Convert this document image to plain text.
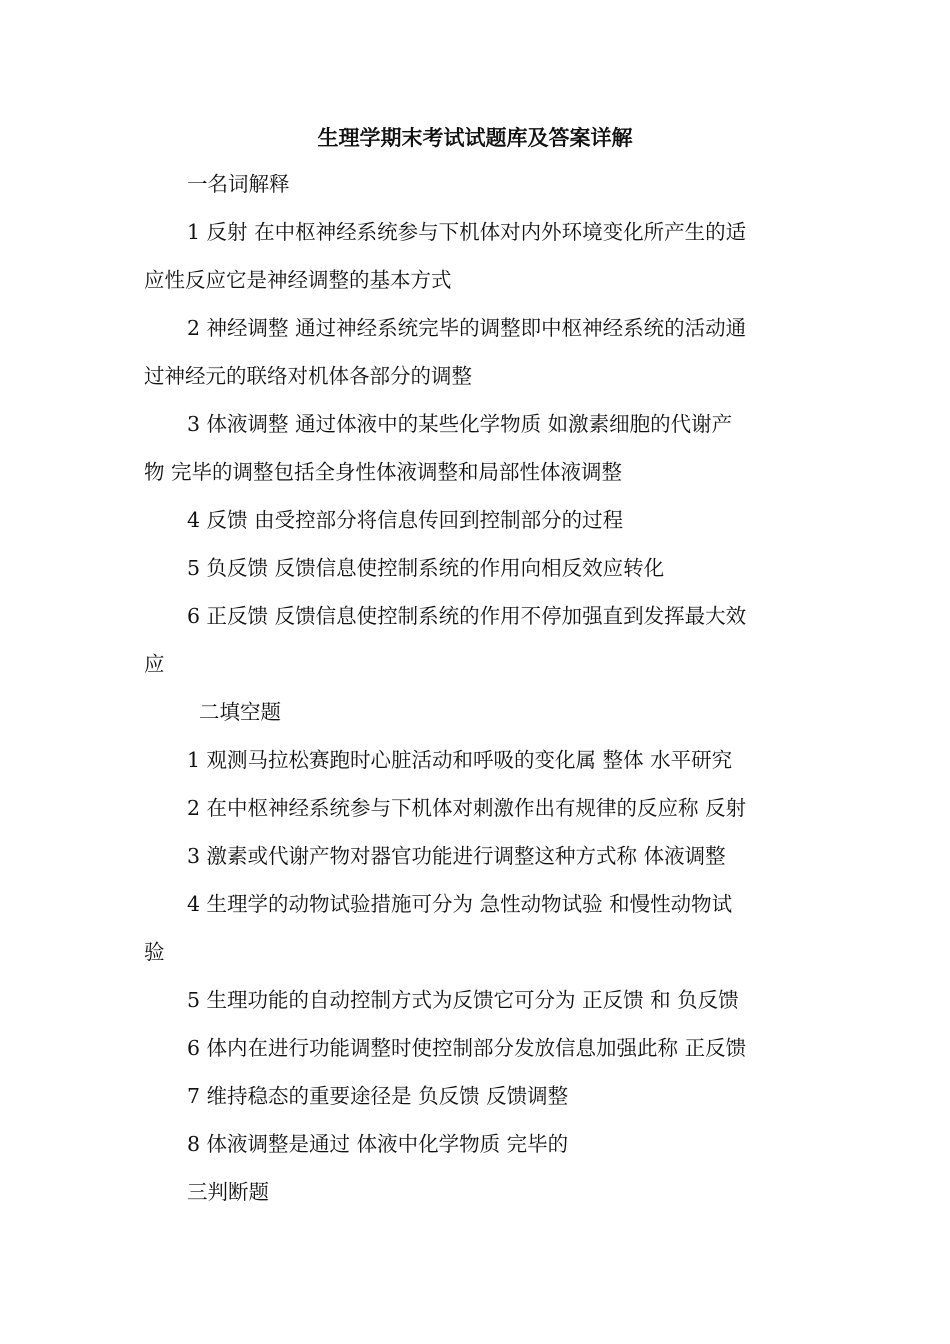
生理学期末考试试题库及答案详解
一名词解释
1 反射 在中枢神经系统参与下机体对内外环境变化所产生的适
应性反应它是神经调整的基本方式
2 神经调整 通过神经系统完毕的调整即中枢神经系统的活动通
过神经元的联络对机体各部分的调整
3 体液调整 通过体液中的某些化学物质 如激素细胞的代谢产
物 完毕的调整包括全身性体液调整和局部性体液调整
4 反馈 由受控部分将信息传回到控制部分的过程
5 负反馈 反馈信息使控制系统的作用向相反效应转化
6 正反馈 反馈信息使控制系统的作用不停加强直到发挥最大效
应
二填空题
1 观测马拉松赛跑时心脏活动和呼吸的变化属 整体 水平研究
2 在中枢神经系统参与下机体对刺激作出有规律的反应称 反射
3 激素或代谢产物对器官功能进行调整这种方式称 体液调整
4 生理学的动物试验措施可分为 急性动物试验 和慢性动物试
验
5 生理功能的自动控制方式为反馈它可分为 正反馈 和 负反馈
6 体内在进行功能调整时使控制部分发放信息加强此称 正反馈
7 维持稳态的重要途径是 负反馈 反馈调整
8 体液调整是通过 体液中化学物质 完毕的
三判断题
